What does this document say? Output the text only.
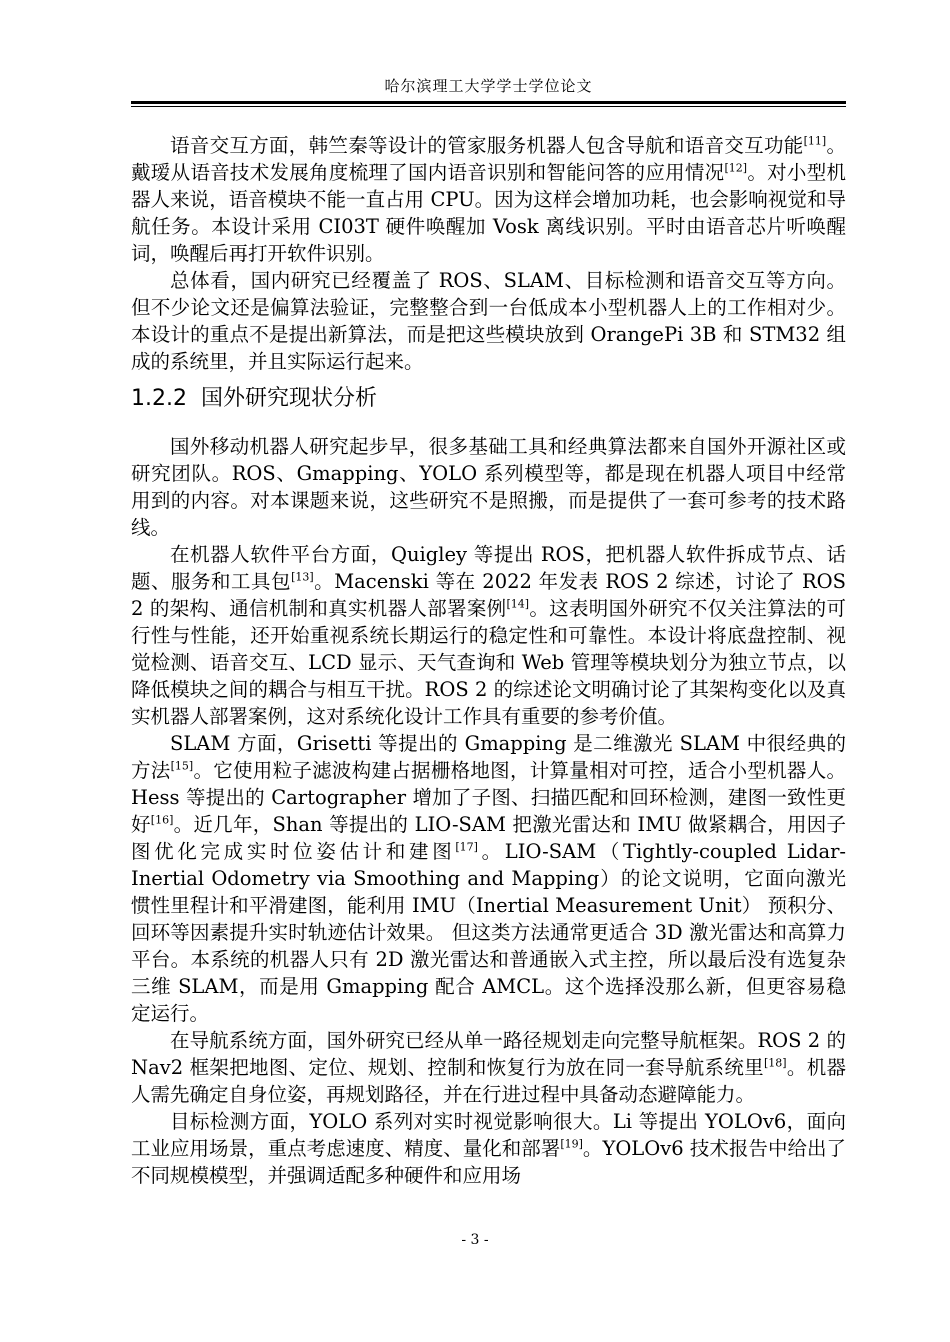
哈尔滨理工大学学士学位论文

语音交互方面，韩竺秦等设计的管家服务机器人包含导航和语音交互功能[11]。戴瑷从语音技术发展角度梳理了国内语音识别和智能问答的应用情况[12]。对小型机器人来说，语音模块不能一直占用 CPU。因为这样会增加功耗，也会影响视觉和导航任务。本设计采用 CI03T 硬件唤醒加 Vosk 离线识别。平时由语音芯片听唤醒词，唤醒后再打开软件识别。

总体看，国内研究已经覆盖了 ROS、SLAM、目标检测和语音交互等方向。但不少论文还是偏算法验证，完整整合到一台低成本小型机器人上的工作相对少。本设计的重点不是提出新算法，而是把这些模块放到 OrangePi 3B 和 STM32 组成的系统里，并且实际运行起来。

1.2.2 国外研究现状分析

国外移动机器人研究起步早，很多基础工具和经典算法都来自国外开源社区或研究团队。ROS、Gmapping、YOLO 系列模型等，都是现在机器人项目中经常用到的内容。对本课题来说，这些研究不是照搬，而是提供了一套可参考的技术路线。

在机器人软件平台方面，Quigley 等提出 ROS，把机器人软件拆成节点、话题、服务和工具包[13]。Macenski 等在 2022 年发表 ROS 2 综述，讨论了 ROS 2 的架构、通信机制和真实机器人部署案例[14]。这表明国外研究不仅关注算法的可行性与性能，还开始重视系统长期运行的稳定性和可靠性。本设计将底盘控制、视觉检测、语音交互、LCD 显示、天气查询和 Web 管理等模块划分为独立节点，以降低模块之间的耦合与相互干扰。ROS 2 的综述论文明确讨论了其架构变化以及真实机器人部署案例，这对系统化设计工作具有重要的参考价值。

SLAM 方面，Grisetti 等提出的 Gmapping 是二维激光 SLAM 中很经典的方法[15]。它使用粒子滤波构建占据栅格地图，计算量相对可控，适合小型机器人。Hess 等提出的 Cartographer 增加了子图、扫描匹配和回环检测，建图一致性更好[16]。近几年，Shan 等提出的 LIO-SAM 把激光雷达和 IMU 做紧耦合，用因子图优化完成实时位姿估计和建图[17]。LIO-SAM（Tightly-coupled Lidar-Inertial Odometry via Smoothing and Mapping）的论文说明，它面向激光惯性里程计和平滑建图，能利用 IMU（Inertial Measurement Unit） 预积分、回环等因素提升实时轨迹估计效果。 但这类方法通常更适合 3D 激光雷达和高算力平台。本系统的机器人只有 2D 激光雷达和普通嵌入式主控，所以最后没有选复杂三维 SLAM，而是用 Gmapping 配合 AMCL。这个选择没那么新，但更容易稳定运行。

在导航系统方面，国外研究已经从单一路径规划走向完整导航框架。ROS 2 的 Nav2 框架把地图、定位、规划、控制和恢复行为放在同一套导航系统里[18]。机器人需先确定自身位姿，再规划路径，并在行进过程中具备动态避障能力。

目标检测方面，YOLO 系列对实时视觉影响很大。Li 等提出 YOLOv6，面向工业应用场景，重点考虑速度、精度、量化和部署[19]。YOLOv6 技术报告中给出了不同规模模型，并强调适配多种硬件和应用场

- 3 -
